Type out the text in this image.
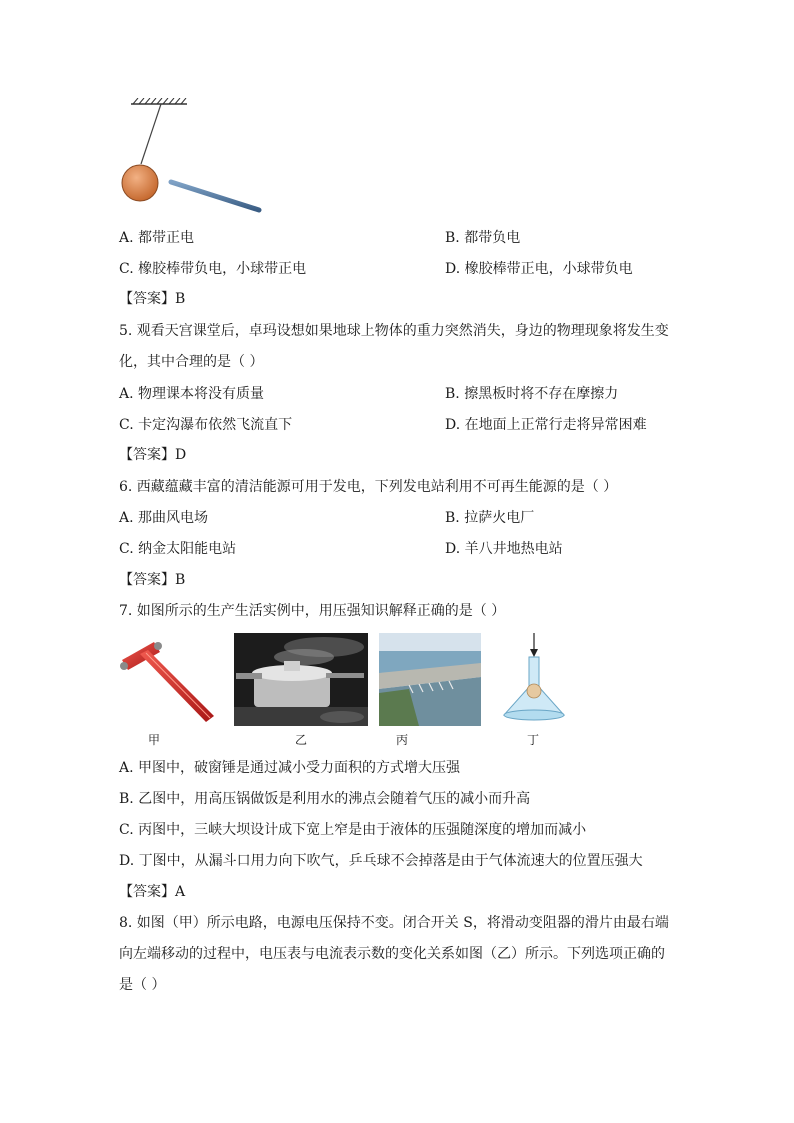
A. 都带正电	B. 都带负电
C. 橡胶棒带负电，小球带正电	D. 橡胶棒带正电，小球带负电
【答案】B
5. 观看天宫课堂后，卓玛设想如果地球上物体的重力突然消失，身边的物理现象将发生变
化，其中合理的是（ ）
A. 物理课本将没有质量	B. 擦黑板时将不存在摩擦力
C. 卡定沟瀑布依然飞流直下	D. 在地面上正常行走将异常困难
【答案】D
6. 西藏蕴藏丰富的清洁能源可用于发电，下列发电站利用不可再生能源的是（ ）
A. 那曲风电场	B. 拉萨火电厂
C. 纳金太阳能电站	D. 羊八井地热电站
【答案】B
7. 如图所示的生产生活实例中，用压强知识解释正确的是（ ）
甲	乙	丙	丁
A. 甲图中，破窗锤是通过减小受力面积的方式增大压强
B. 乙图中，用高压锅做饭是利用水的沸点会随着气压的减小而升高
C. 丙图中，三峡大坝设计成下宽上窄是由于液体的压强随深度的增加而减小
D. 丁图中，从漏斗口用力向下吹气，乒乓球不会掉落是由于气体流速大的位置压强大
【答案】A
8. 如图（甲）所示电路，电源电压保持不变。闭合开关 S，将滑动变阻器的滑片由最右端
向左端移动的过程中，电压表与电流表示数的变化关系如图（乙）所示。下列选项正确的
是（ ）
